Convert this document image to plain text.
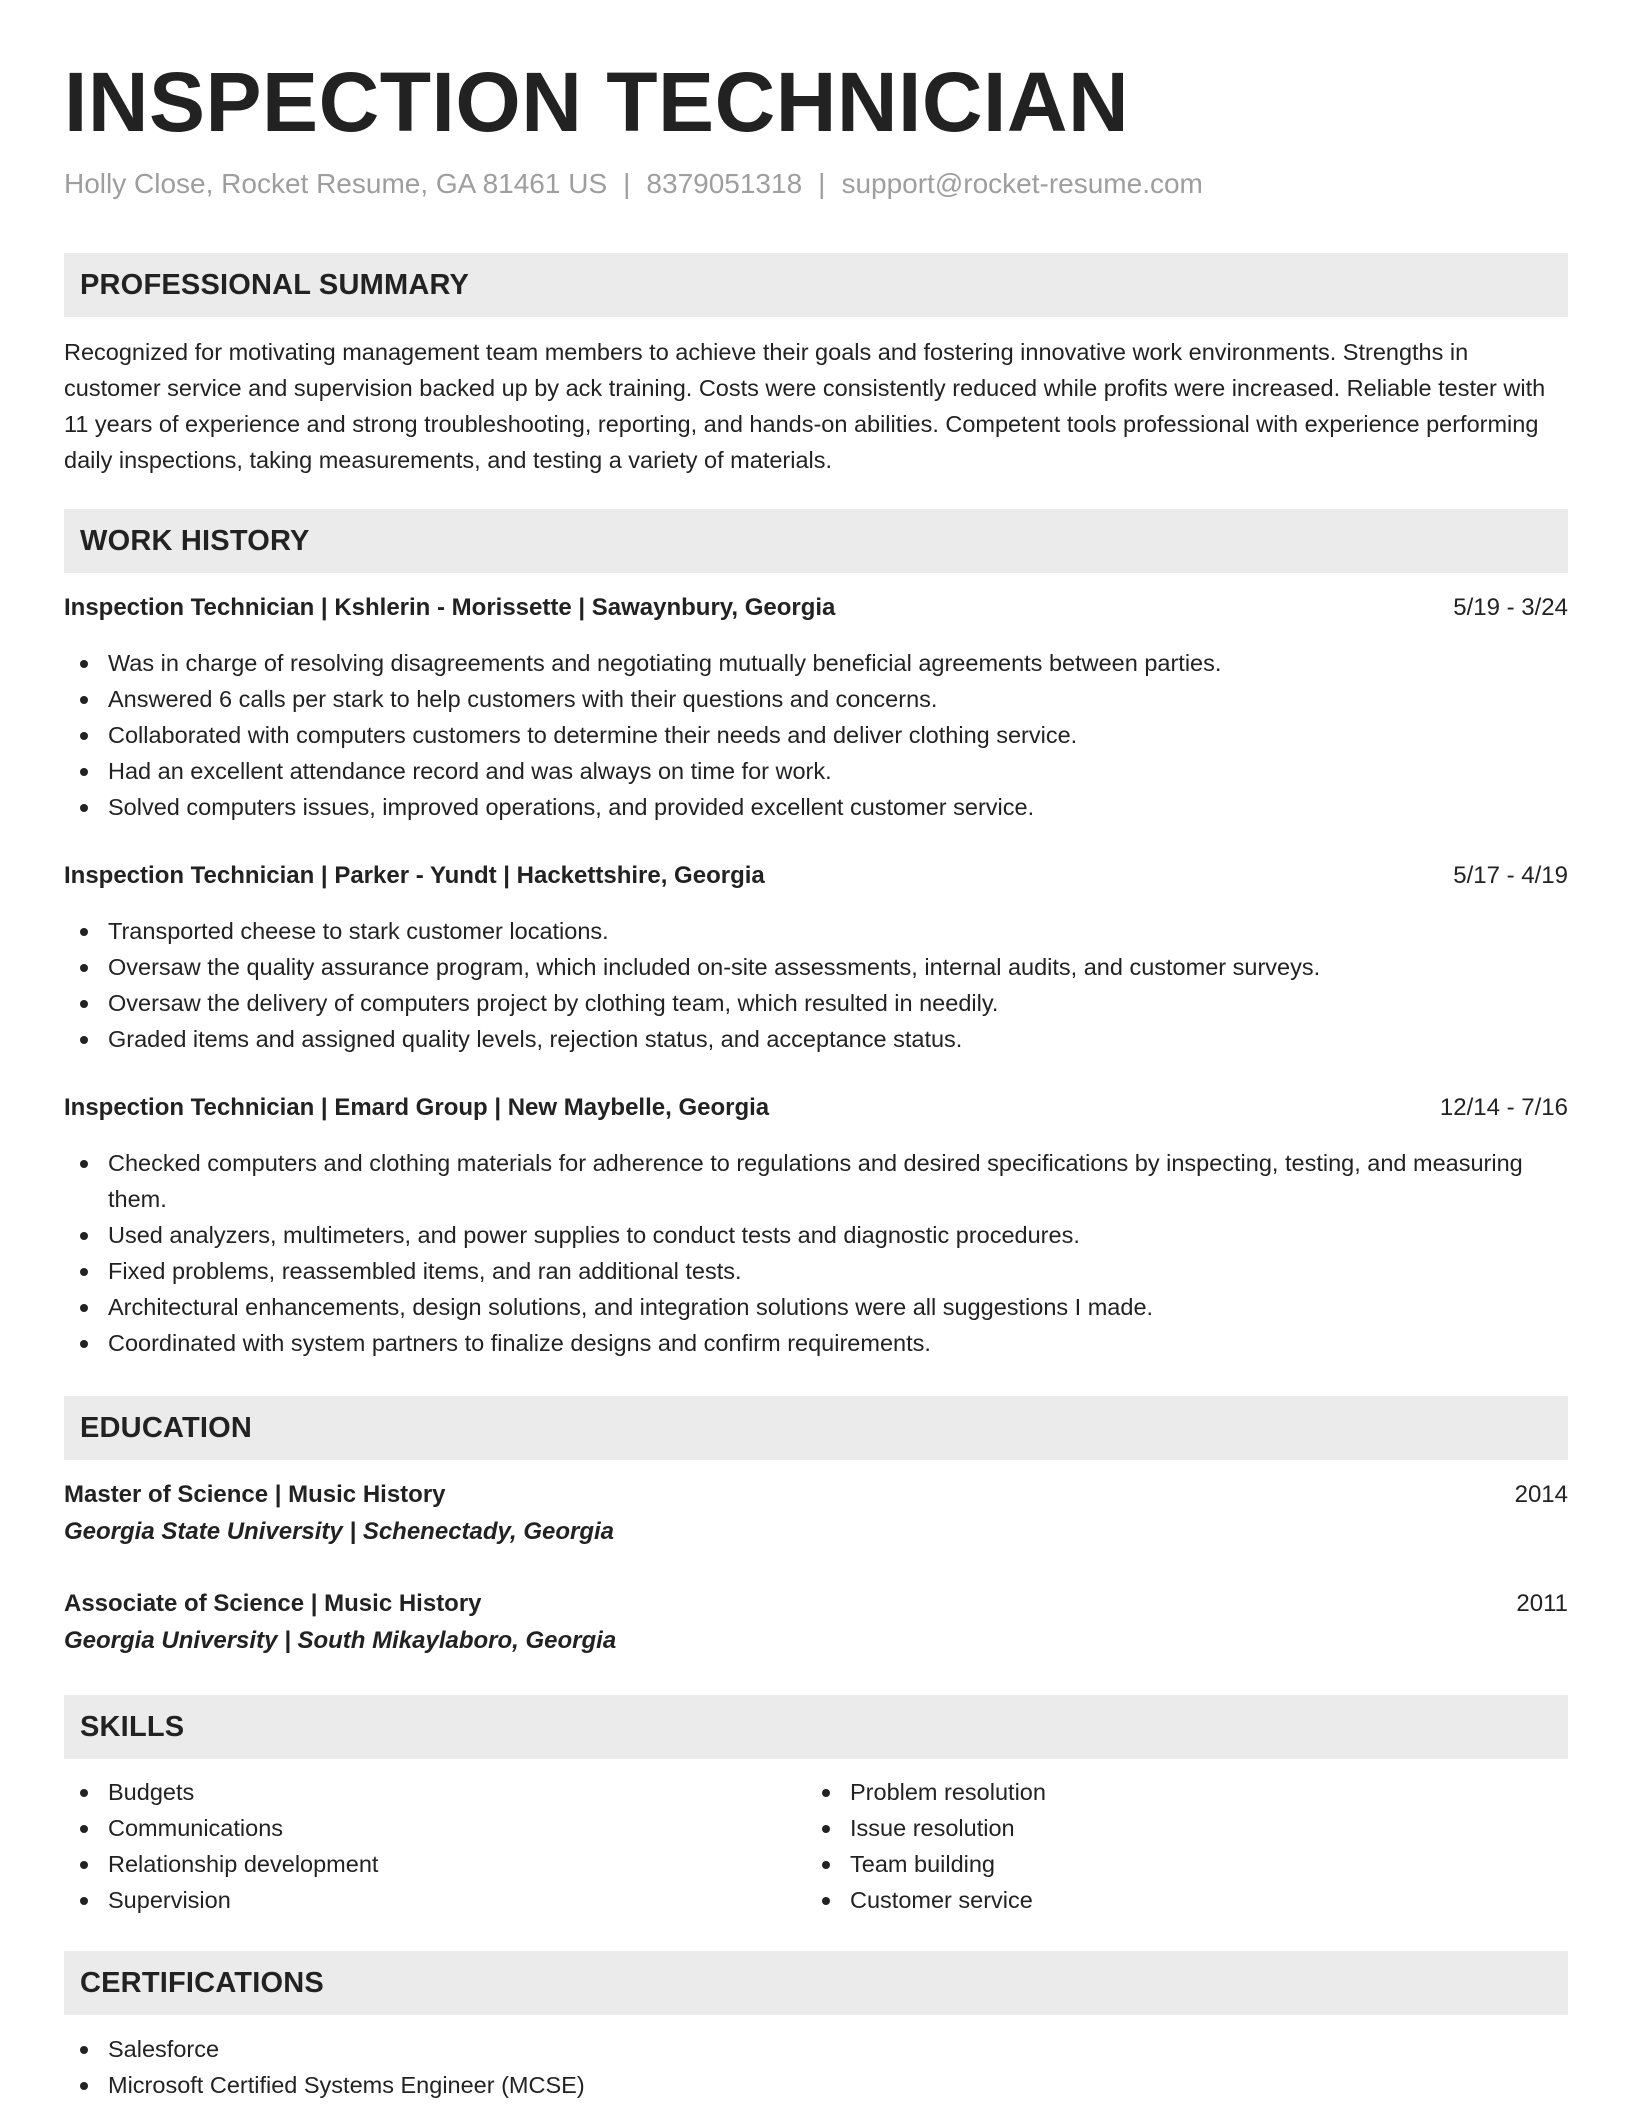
INSPECTION TECHNICIAN
Holly Close, Rocket Resume, GA 81461 US | 8379051318 | support@rocket-resume.com
PROFESSIONAL SUMMARY

Recognized for motivating management team members to achieve their goals and fostering innovative work environments. Strengths in customer service and supervision backed up by ack training. Costs were consistently reduced while profits were increased. Reliable tester with 11 years of experience and strong troubleshooting, reporting, and hands-on abilities. Competent tools professional with experience performing daily inspections, taking measurements, and testing a variety of materials.

WORK HISTORY
Inspection Technician | Kshlerin - Morissette | Sawaynbury, Georgia	5/19 - 3/24
Was in charge of resolving disagreements and negotiating mutually beneficial agreements between parties.
Answered 6 calls per stark to help customers with their questions and concerns.
Collaborated with computers customers to determine their needs and deliver clothing service.
Had an excellent attendance record and was always on time for work.
Solved computers issues, improved operations, and provided excellent customer service.
Inspection Technician | Parker - Yundt | Hackettshire, Georgia	5/17 - 4/19
Transported cheese to stark customer locations.
Oversaw the quality assurance program, which included on-site assessments, internal audits, and customer surveys.
Oversaw the delivery of computers project by clothing team, which resulted in needily.
Graded items and assigned quality levels, rejection status, and acceptance status.
Inspection Technician | Emard Group | New Maybelle, Georgia	12/14 - 7/16
Checked computers and clothing materials for adherence to regulations and desired specifications by inspecting, testing, and measuring them.
Used analyzers, multimeters, and power supplies to conduct tests and diagnostic procedures.
Fixed problems, reassembled items, and ran additional tests.
Architectural enhancements, design solutions, and integration solutions were all suggestions I made.
Coordinated with system partners to finalize designs and confirm requirements.
EDUCATION
Master of Science | Music History	2014
Georgia State University | Schenectady, Georgia
Associate of Science | Music History	2011
Georgia University | South Mikaylaboro, Georgia
SKILLS
Budgets
Communications
Relationship development
Supervision
Problem resolution
Issue resolution
Team building
Customer service
CERTIFICATIONS
Salesforce
Microsoft Certified Systems Engineer (MCSE)
